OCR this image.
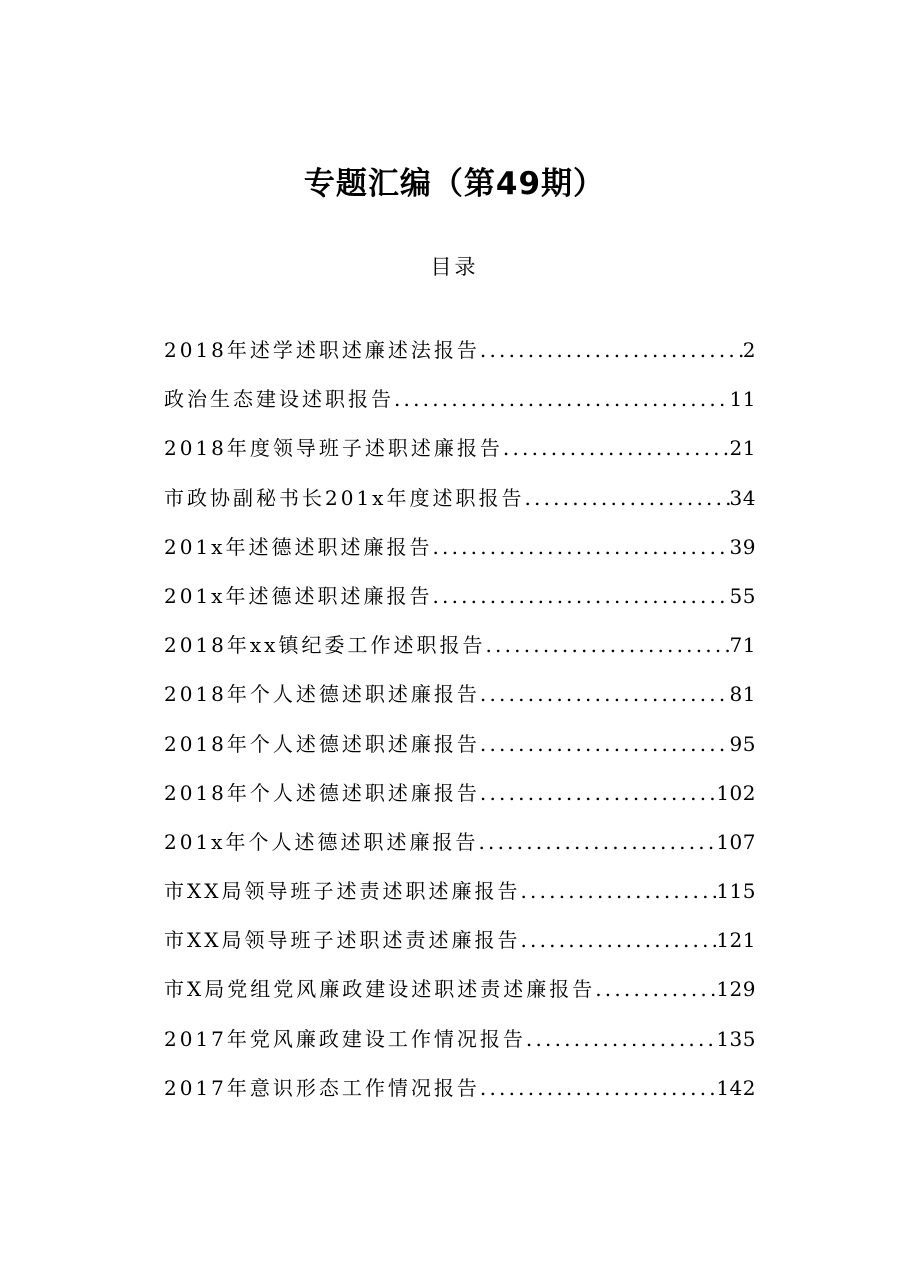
专题汇编（第49期）
目录
2018年述学述职述廉述法报告 .....	2
政治生态建设述职报告 .....	11
2018年度领导班子述职述廉报告 .....	21
市政协副秘书长201x年度述职报告 .....	34
201x年述德述职述廉报告 .....	39
201x年述德述职述廉报告 .....	55
2018年xx镇纪委工作述职报告 .....	71
2018年个人述德述职述廉报告 .....	81
2018年个人述德述职述廉报告 .....	95
2018年个人述德述职述廉报告 .....	102
201x年个人述德述职述廉报告 .....	107
市XX局领导班子述责述职述廉报告 .....	115
市XX局领导班子述职述责述廉报告 .....	121
市X局党组党风廉政建设述职述责述廉报告 .....	129
2017年党风廉政建设工作情况报告 .....	135
2017年意识形态工作情况报告 .....	142
